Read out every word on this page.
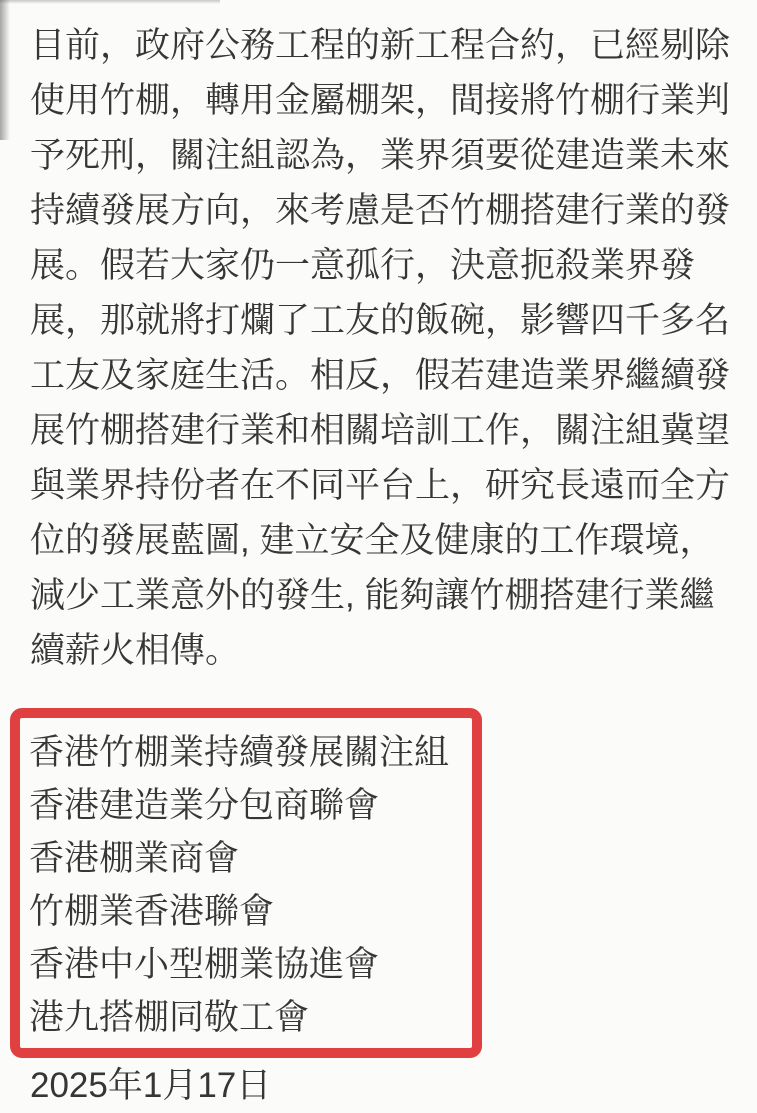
目前，政府公務工程的新工程合約，已經剔除
使用竹棚，轉用金屬棚架，間接將竹棚行業判
予死刑，關注組認為，業界須要從建造業未來
持續發展方向，來考慮是否竹棚搭建行業的發
展。假若大家仍一意孤行，決意扼殺業界發
展，那就將打爛了工友的飯碗，影響四千多名
工友及家庭生活。相反，假若建造業界繼續發
展竹棚搭建行業和相關培訓工作，關注組冀望
與業界持份者在不同平台上，研究長遠而全方
位的發展藍圖, 建立安全及健康的工作環境，
減少工業意外的發生, 能夠讓竹棚搭建行業繼
續薪火相傳。
香港竹棚業持續發展關注組
香港建造業分包商聯會
香港棚業商會
竹棚業香港聯會
香港中小型棚業協進會
港九搭棚同敬工會
2025年1月17日
